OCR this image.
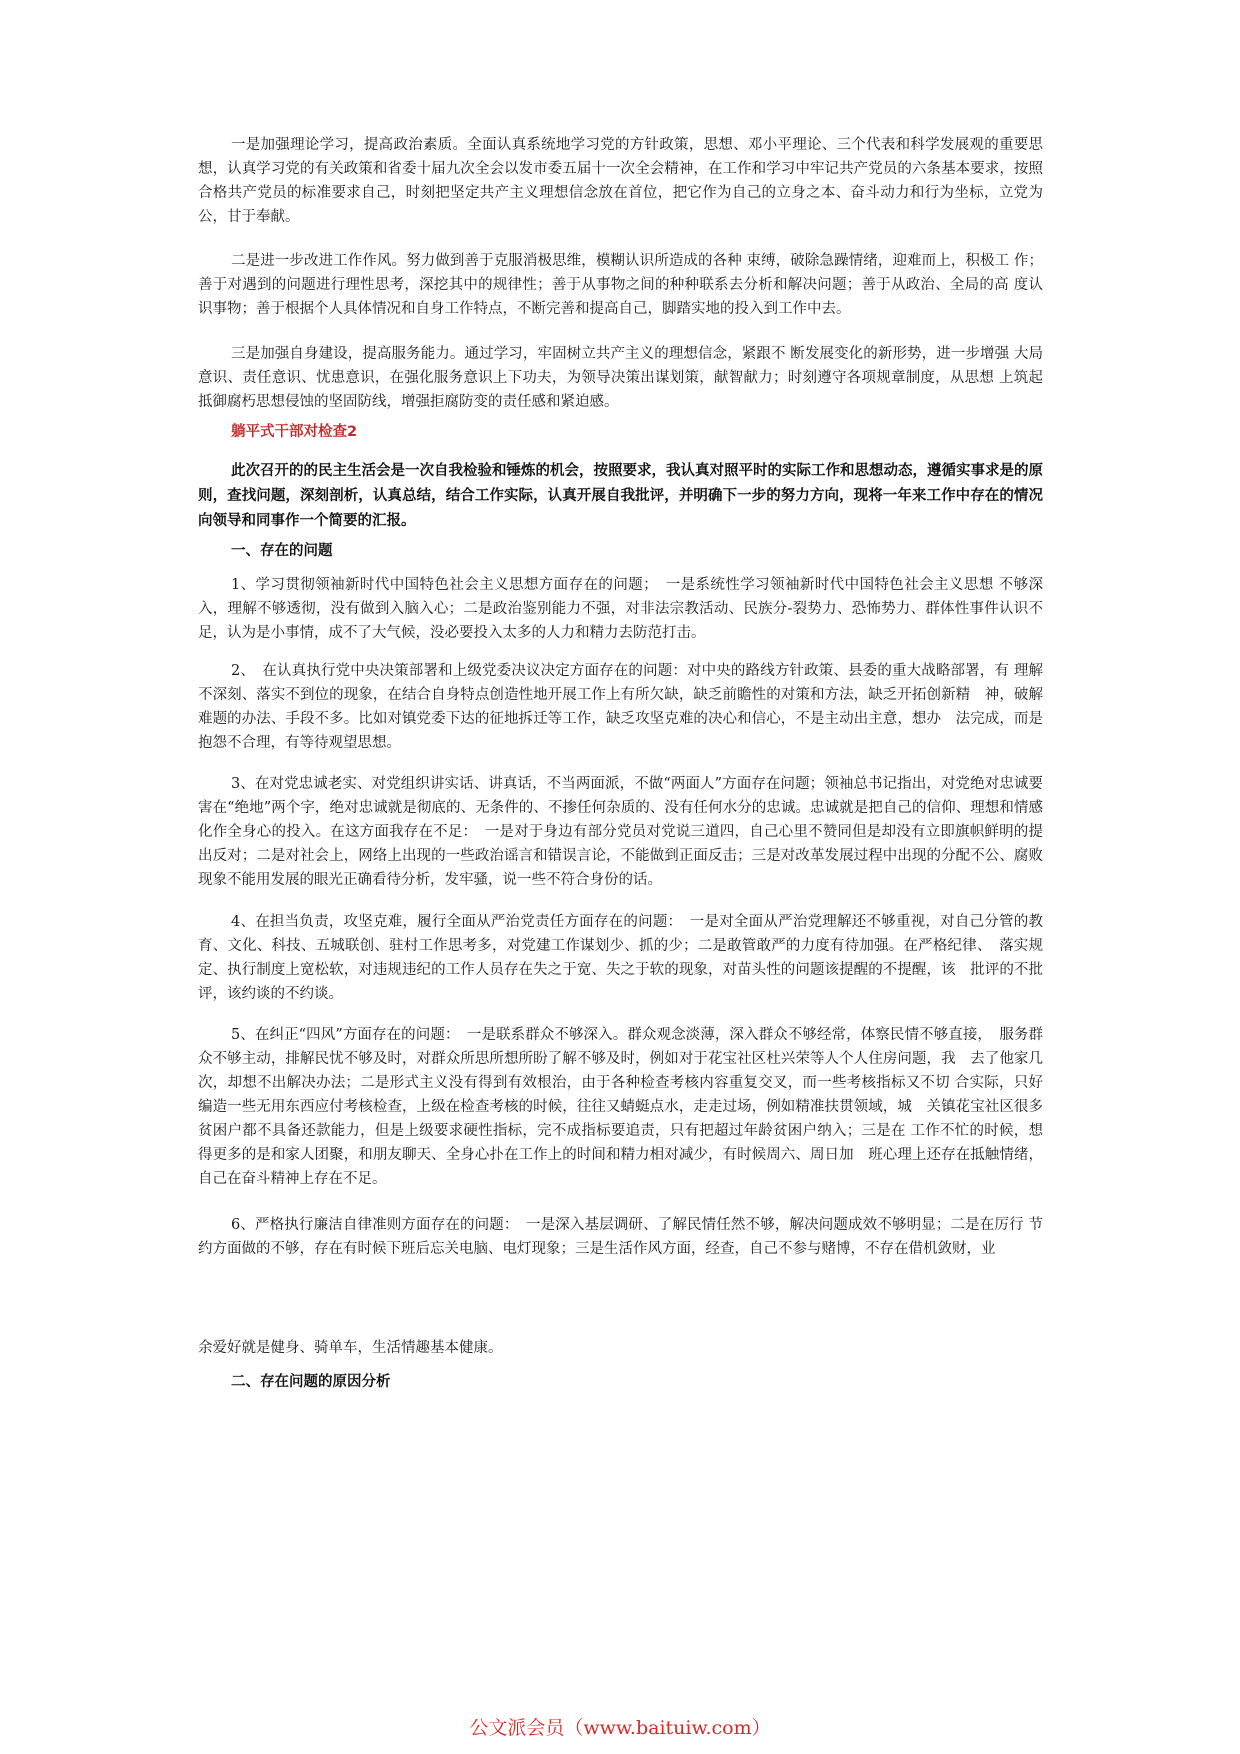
一是加强理论学习，提高政治素质。全面认真系统地学习党的方针政策，思想、邓小平理论、三个代表和科学发展观的重要思想，认真学习党的有关政策和省委十届九次全会以发市委五届十一次全会精神，在工作和学习中牢记共产党员的六条基本要求，按照合格共产党员的标准要求自己，时刻把坚定共产主义理想信念放在首位，把它作为自己的立身之本、奋斗动力和行为坐标，立党为公，甘于奉献。

二是进一步改进工作作风。努力做到善于克服消极思维，模糊认识所造成的各种 束缚，破除急躁情绪，迎难而上，积极工 作；善于对遇到的问题进行理性思考，深挖其中的规律性；善于从事物之间的种种联系去分析和解决问题；善于从政治、全局的高 度认识事物；善于根据个人具体情况和自身工作特点，不断完善和提高自己，脚踏实地的投入到工作中去。

三是加强自身建设，提高服务能力。通过学习，牢固树立共产主义的理想信念，紧跟不 断发展变化的新形势，进一步增强 大局意识、责任意识、忧患意识，在强化服务意识上下功夫，为领导决策出谋划策，献智献力；时刻遵守各项规章制度，从思想 上筑起抵御腐朽思想侵蚀的坚固防线，增强拒腐防变的责任感和紧迫感。

躺平式干部对检查2

此次召开的的民主生活会是一次自我检验和锤炼的机会，按照要求，我认真对照平时的实际工作和思想动态，遵循实事求是的原则，查找问题，深刻剖析，认真总结，结合工作实际，认真开展自我批评，并明确下一步的努力方向，现将一年来工作中存在的情况向领导和同事作一个简要的汇报。

一、存在的问题

1、学习贯彻领袖新时代中国特色社会主义思想方面存在的问题；　一是系统性学习领袖新时代中国特色社会主义思想 不够深入，理解不够透彻，没有做到入脑入心；二是政治鉴别能力不强，对非法宗教活动、民族分-裂势力、恐怖势力、群体性事件认识不足，认为是小事情，成不了大气候，没必要投入太多的人力和精力去防范打击。

2、　在认真执行党中央决策部署和上级党委决议决定方面存在的问题：对中央的路线方针政策、县委的重大战略部署，有 理解不深刻、落实不到位的现象，在结合自身特点创造性地开展工作上有所欠缺，缺乏前瞻性的对策和方法，缺乏开拓创新精　神，破解难题的办法、手段不多。比如对镇党委下达的征地拆迁等工作，缺乏攻坚克难的决心和信心，不是主动出主意，想办　法完成，而是抱怨不合理，有等待观望思想。

3、在对党忠诚老实、对党组织讲实话、讲真话，不当两面派，不做“两面人”方面存在问题；领袖总书记指出，对党绝对忠诚要害在“绝地”两个字，绝对忠诚就是彻底的、无条件的、不掺任何杂质的、没有任何水分的忠诚。忠诚就是把自己的信仰、理想和情感化作全身心的投入。在这方面我存在不足：　一是对于身边有部分党员对党说三道四，自己心里不赞同但是却没有立即旗帜鲜明的提出反对；二是对社会上，网络上出现的一些政治谣言和错误言论，不能做到正面反击；三是对改革发展过程中出现的分配不公、腐败现象不能用发展的眼光正确看待分析，发牢骚，说一些不符合身份的话。

4、在担当负责，攻坚克难，履行全面从严治党责任方面存在的问题：　一是对全面从严治党理解还不够重视，对自己分管的教育、文化、科技、五城联创、驻村工作思考多，对党建工作谋划少、抓的少；二是敢管敢严的力度有待加强。在严格纪律、　落实规定、执行制度上宽松软，对违规违纪的工作人员存在失之于宽、失之于软的现象，对苗头性的问题该提醒的不提醒，该　批评的不批评，该约谈的不约谈。

5、在纠正“四风”方面存在的问题：　一是联系群众不够深入。群众观念淡薄，深入群众不够经常，体察民情不够直接，　服务群众不够主动，排解民忧不够及时，对群众所思所想所盼了解不够及时，例如对于花宝社区杜兴荣等人个人住房问题，我　去了他家几次，却想不出解决办法；二是形式主义没有得到有效根治，由于各种检查考核内容重复交叉，而一些考核指标又不切 合实际，只好编造一些无用东西应付考核检查，上级在检查考核的时候，往往又蜻蜓点水，走走过场，例如精准扶贯领域，城　关镇花宝社区很多贫困户都不具备还款能力，但是上级要求硬性指标，完不成指标要追责，只有把超过年龄贫困户纳入；三是在 工作不忙的时候，想得更多的是和家人团聚，和朋友聊天、全身心扑在工作上的时间和精力相对减少，有时候周六、周日加　班心理上还存在抵触情绪，自己在奋斗精神上存在不足。

6、严格执行廉洁自律准则方面存在的问题：　一是深入基层调研、了解民情任然不够，解决问题成效不够明显；二是在厉行 节约方面做的不够，存在有时候下班后忘关电脑、电灯现象；三是生活作风方面，经查，自己不参与赌博，不存在借机敛财，业

余爱好就是健身、骑单车，生活情趣基本健康。

二、存在问题的原因分析

公文派会员（www.baituiw.com）
